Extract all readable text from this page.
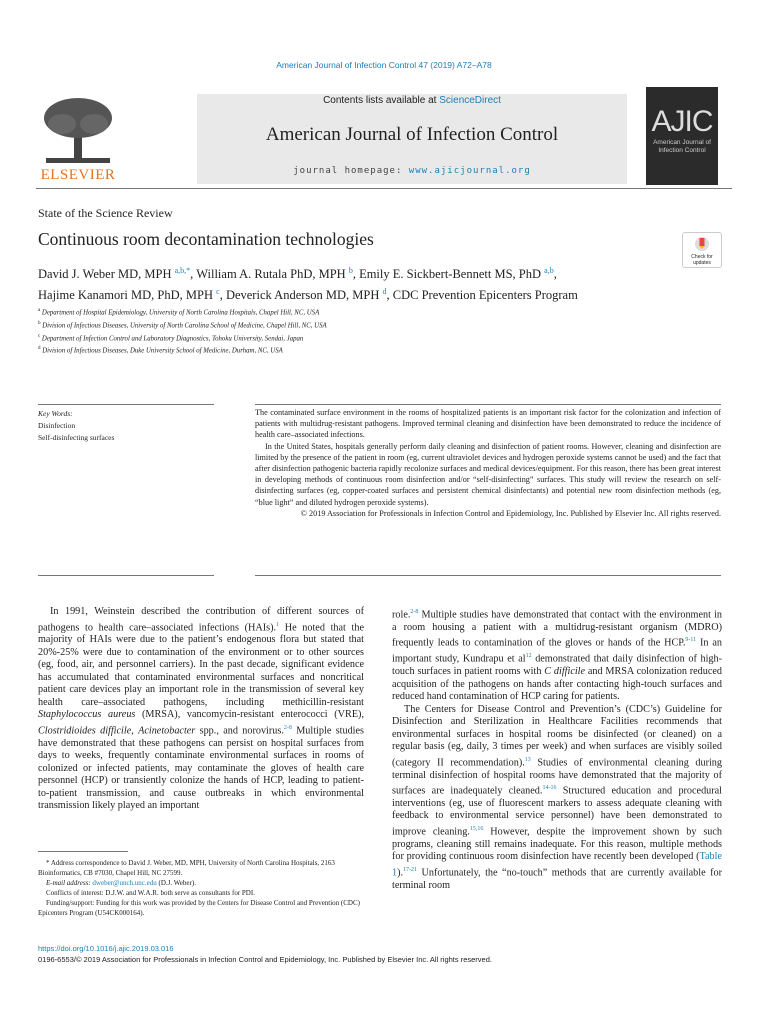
American Journal of Infection Control 47 (2019) A72–A78
ELSEVIER
Contents lists available at ScienceDirect
American Journal of Infection Control
journal homepage: www.ajicjournal.org
AJIC
American Journal of
Infection Control
State of the Science Review
Continuous room decontamination technologies
Check for
updates
David J. Weber MD, MPH $^{a,b,*}$, William A. Rutala PhD, MPH $^b$, Emily E. Sickbert-Bennett MS, PhD $^{a,b}$,
Hajime Kanamori MD, PhD, MPH $^c$, Deverick Anderson MD, MPH $^d$, CDC Prevention Epicenters Program
$^a$ Department of Hospital Epidemiology, University of North Carolina Hospitals, Chapel Hill, NC, USA
$^b$ Division of Infectious Diseases, University of North Carolina School of Medicine, Chapel Hill, NC, USA
$^c$ Department of Infection Control and Laboratory Diagnostics, Tohoku University, Sendai, Japan
$^d$ Division of Infectious Diseases, Duke University School of Medicine, Durham, NC, USA
Key Words:
Disinfection
Self-disinfecting surfaces

The contaminated surface environment in the rooms of hospitalized patients is an important risk factor for the colonization and infection of patients with multidrug-resistant pathogens. Improved terminal cleaning and disinfection have been demonstrated to reduce the incidence of health care–associated infections.

In the United States, hospitals generally perform daily cleaning and disinfection of patient rooms. However, cleaning and disinfection are limited by the presence of the patient in room (eg, current ultraviolet devices and hydrogen peroxide systems cannot be used) and the fact that after disinfection pathogenic bacteria rapidly recolonize surfaces and medical devices/equipment. For this reason, there has been great interest in developing methods of continuous room disinfection and/or “self-disinfecting” surfaces. This study will review the research on self-disinfecting surfaces (eg, copper-coated surfaces and persistent chemical disinfectants) and potential new room disinfection methods (eg, “blue light” and diluted hydrogen peroxide systems).

© 2019 Association for Professionals in Infection Control and Epidemiology, Inc. Published by Elsevier Inc. All rights reserved.

In 1991, Weinstein described the contribution of different sources of pathogens to health care–associated infections (HAIs).$^1$ He noted that the majority of HAIs were due to the patient’s endogenous flora but stated that 20%-25% were due to contamination of the environment or to other sources (eg, food, air, and personnel carriers). In the past decade, significant evidence has accumulated that contaminated environmental surfaces and noncritical patient care devices play an important role in the transmission of several key health care–associated pathogens, including methicillin-resistant Staphylococcus aureus (MRSA), vancomycin-resistant enterococci (VRE), Clostridioides difficile, Acinetobacter spp., and norovirus.$^{2-8}$ Multiple studies have demonstrated that these pathogens can persist on hospital surfaces from days to weeks, frequently contaminate environmental surfaces in rooms of colonized or infected patients, may contaminate the gloves of health care personnel (HCP) or transiently colonize the hands of HCP, leading to patient-to-patient transmission, and cause outbreaks in which environmental transmission likely played an important

role.$^{2-8}$ Multiple studies have demonstrated that contact with the environment in a room housing a patient with a multidrug-resistant organism (MDRO) frequently leads to contamination of the gloves or hands of the HCP.$^{9-11}$ In an important study, Kundrapu et $al^{12}$ demonstrated that daily disinfection of high-touch surfaces in patient rooms with C difficile and MRSA colonization reduced acquisition of the pathogens on hands after contacting high-touch surfaces and reduced hand contamination of HCP caring for patients.

The Centers for Disease Control and Prevention’s (CDC’s) Guideline for Disinfection and Sterilization in Healthcare Facilities recommends that environmental surfaces in hospital rooms be disinfected (or cleaned) on a regular basis (eg, daily, 3 times per week) and when surfaces are visibly soiled (category II recommendation).$^{13}$ Studies of environmental cleaning during terminal disinfection of hospital rooms have demonstrated that the majority of surfaces are inadequately cleaned.$^{14-16}$ Structured education and procedural interventions (eg, use of fluorescent markers to assess adequate cleaning with feedback to environmental service personnel) have been demonstrated to improve cleaning.$^{15,16}$ However, despite the improvement shown by such programs, cleaning still remains inadequate. For this reason, multiple methods for providing continuous room disinfection have recently been developed (Table 1).$^{17-21}$ Unfortunately, the “no-touch” methods that are currently available for terminal room

* Address correspondence to David J. Weber, MD, MPH, University of North Carolina Hospitals, 2163 Bioinformatics, CB #7030, Chapel Hill, NC 27599.

E-mail address: dweber@unch.unc.edu (D.J. Weber).

Conflicts of interest: D.J.W. and W.A.R. both serve as consultants for PDI.

Funding/support: Funding for this work was provided by the Centers for Disease Control and Prevention (CDC) Epicenters Program (U54CK000164).

https://doi.org/10.1016/j.ajic.2019.03.016
0196-6553/© 2019 Association for Professionals in Infection Control and Epidemiology, Inc. Published by Elsevier Inc. All rights reserved.
